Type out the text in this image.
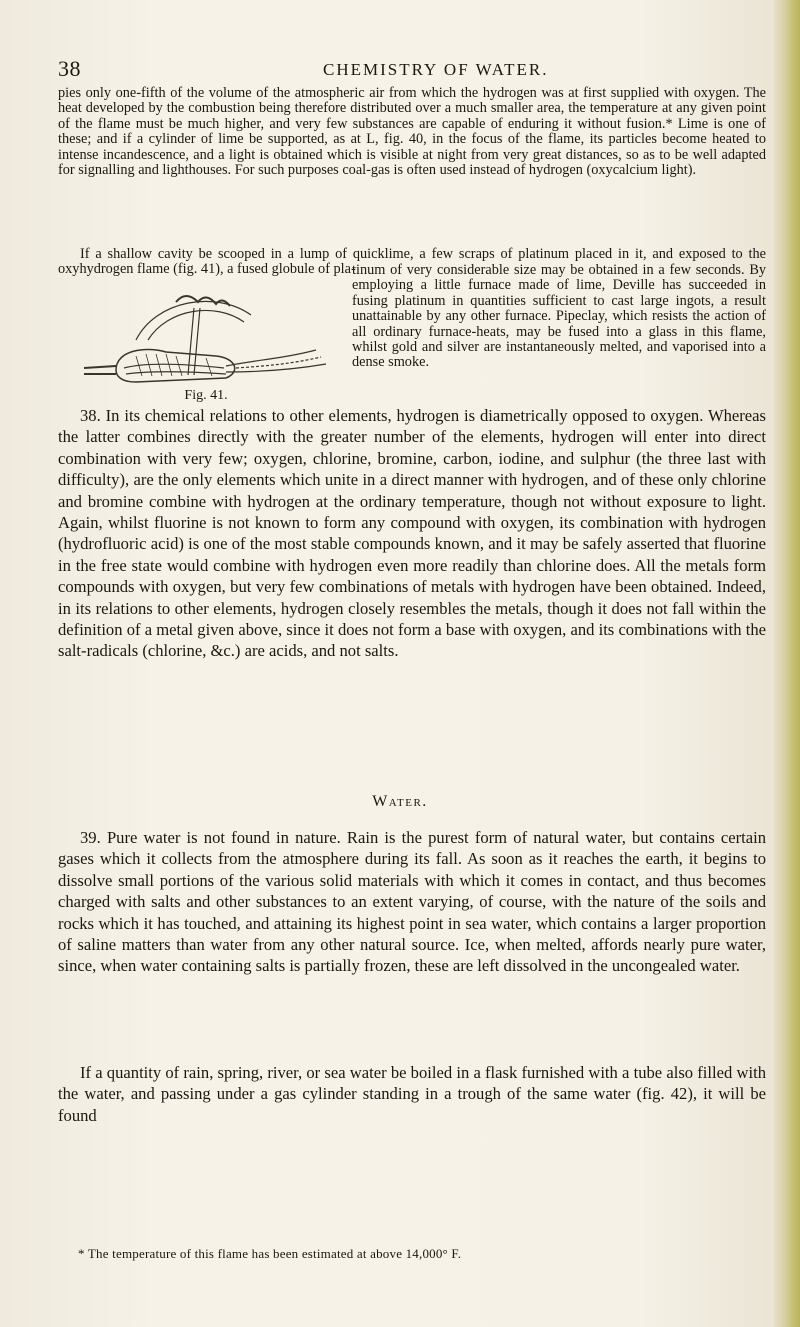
38	CHEMISTRY OF WATER.
pies only one-fifth of the volume of the atmospheric air from which the hydrogen was at first supplied with oxygen. The heat developed by the combustion being therefore distributed over a much smaller area, the temperature at any given point of the flame must be much higher, and very few substances are capable of enduring it without fusion.* Lime is one of these; and if a cylinder of lime be supported, as at L, fig. 40, in the focus of the flame, its particles become heated to intense incandescence, and a light is obtained which is visible at night from very great distances, so as to be well adapted for signalling and lighthouses. For such purposes coal-gas is often used instead of hydrogen (oxycalcium light).
If a shallow cavity be scooped in a lump of quicklime, a few scraps of platinum placed in it, and exposed to the oxyhydrogen flame (fig. 41), a fused globule of pla-
Fig. 41.
tinum of very considerable size may be obtained in a few seconds. By employing a little furnace made of lime, Deville has succeeded in fusing platinum in quantities sufficient to cast large ingots, a result unattainable by any other furnace. Pipeclay, which resists the action of all ordinary furnace-heats, may be fused into a glass in this flame, whilst gold and silver are instantaneously melted, and vaporised into a dense smoke.
38. In its chemical relations to other elements, hydrogen is diametrically opposed to oxygen. Whereas the latter combines directly with the greater number of the elements, hydrogen will enter into direct combination with very few; oxygen, chlorine, bromine, carbon, iodine, and sulphur (the three last with difficulty), are the only elements which unite in a direct manner with hydrogen, and of these only chlorine and bromine combine with hydrogen at the ordinary temperature, though not without exposure to light. Again, whilst fluorine is not known to form any compound with oxygen, its combination with hydrogen (hydrofluoric acid) is one of the most stable compounds known, and it may be safely asserted that fluorine in the free state would combine with hydrogen even more readily than chlorine does. All the metals form compounds with oxygen, but very few combinations of metals with hydrogen have been obtained. Indeed, in its relations to other elements, hydrogen closely resembles the metals, though it does not fall within the definition of a metal given above, since it does not form a base with oxygen, and its combinations with the salt-radicals (chlorine, &c.) are acids, and not salts.
Water.
39. Pure water is not found in nature. Rain is the purest form of natural water, but contains certain gases which it collects from the atmosphere during its fall. As soon as it reaches the earth, it begins to dissolve small portions of the various solid materials with which it comes in contact, and thus becomes charged with salts and other substances to an extent varying, of course, with the nature of the soils and rocks which it has touched, and attaining its highest point in sea water, which contains a larger proportion of saline matters than water from any other natural source. Ice, when melted, affords nearly pure water, since, when water containing salts is partially frozen, these are left dissolved in the uncongealed water.
If a quantity of rain, spring, river, or sea water be boiled in a flask furnished with a tube also filled with the water, and passing under a gas cylinder standing in a trough of the same water (fig. 42), it will be found
* The temperature of this flame has been estimated at above 14,000° F.
